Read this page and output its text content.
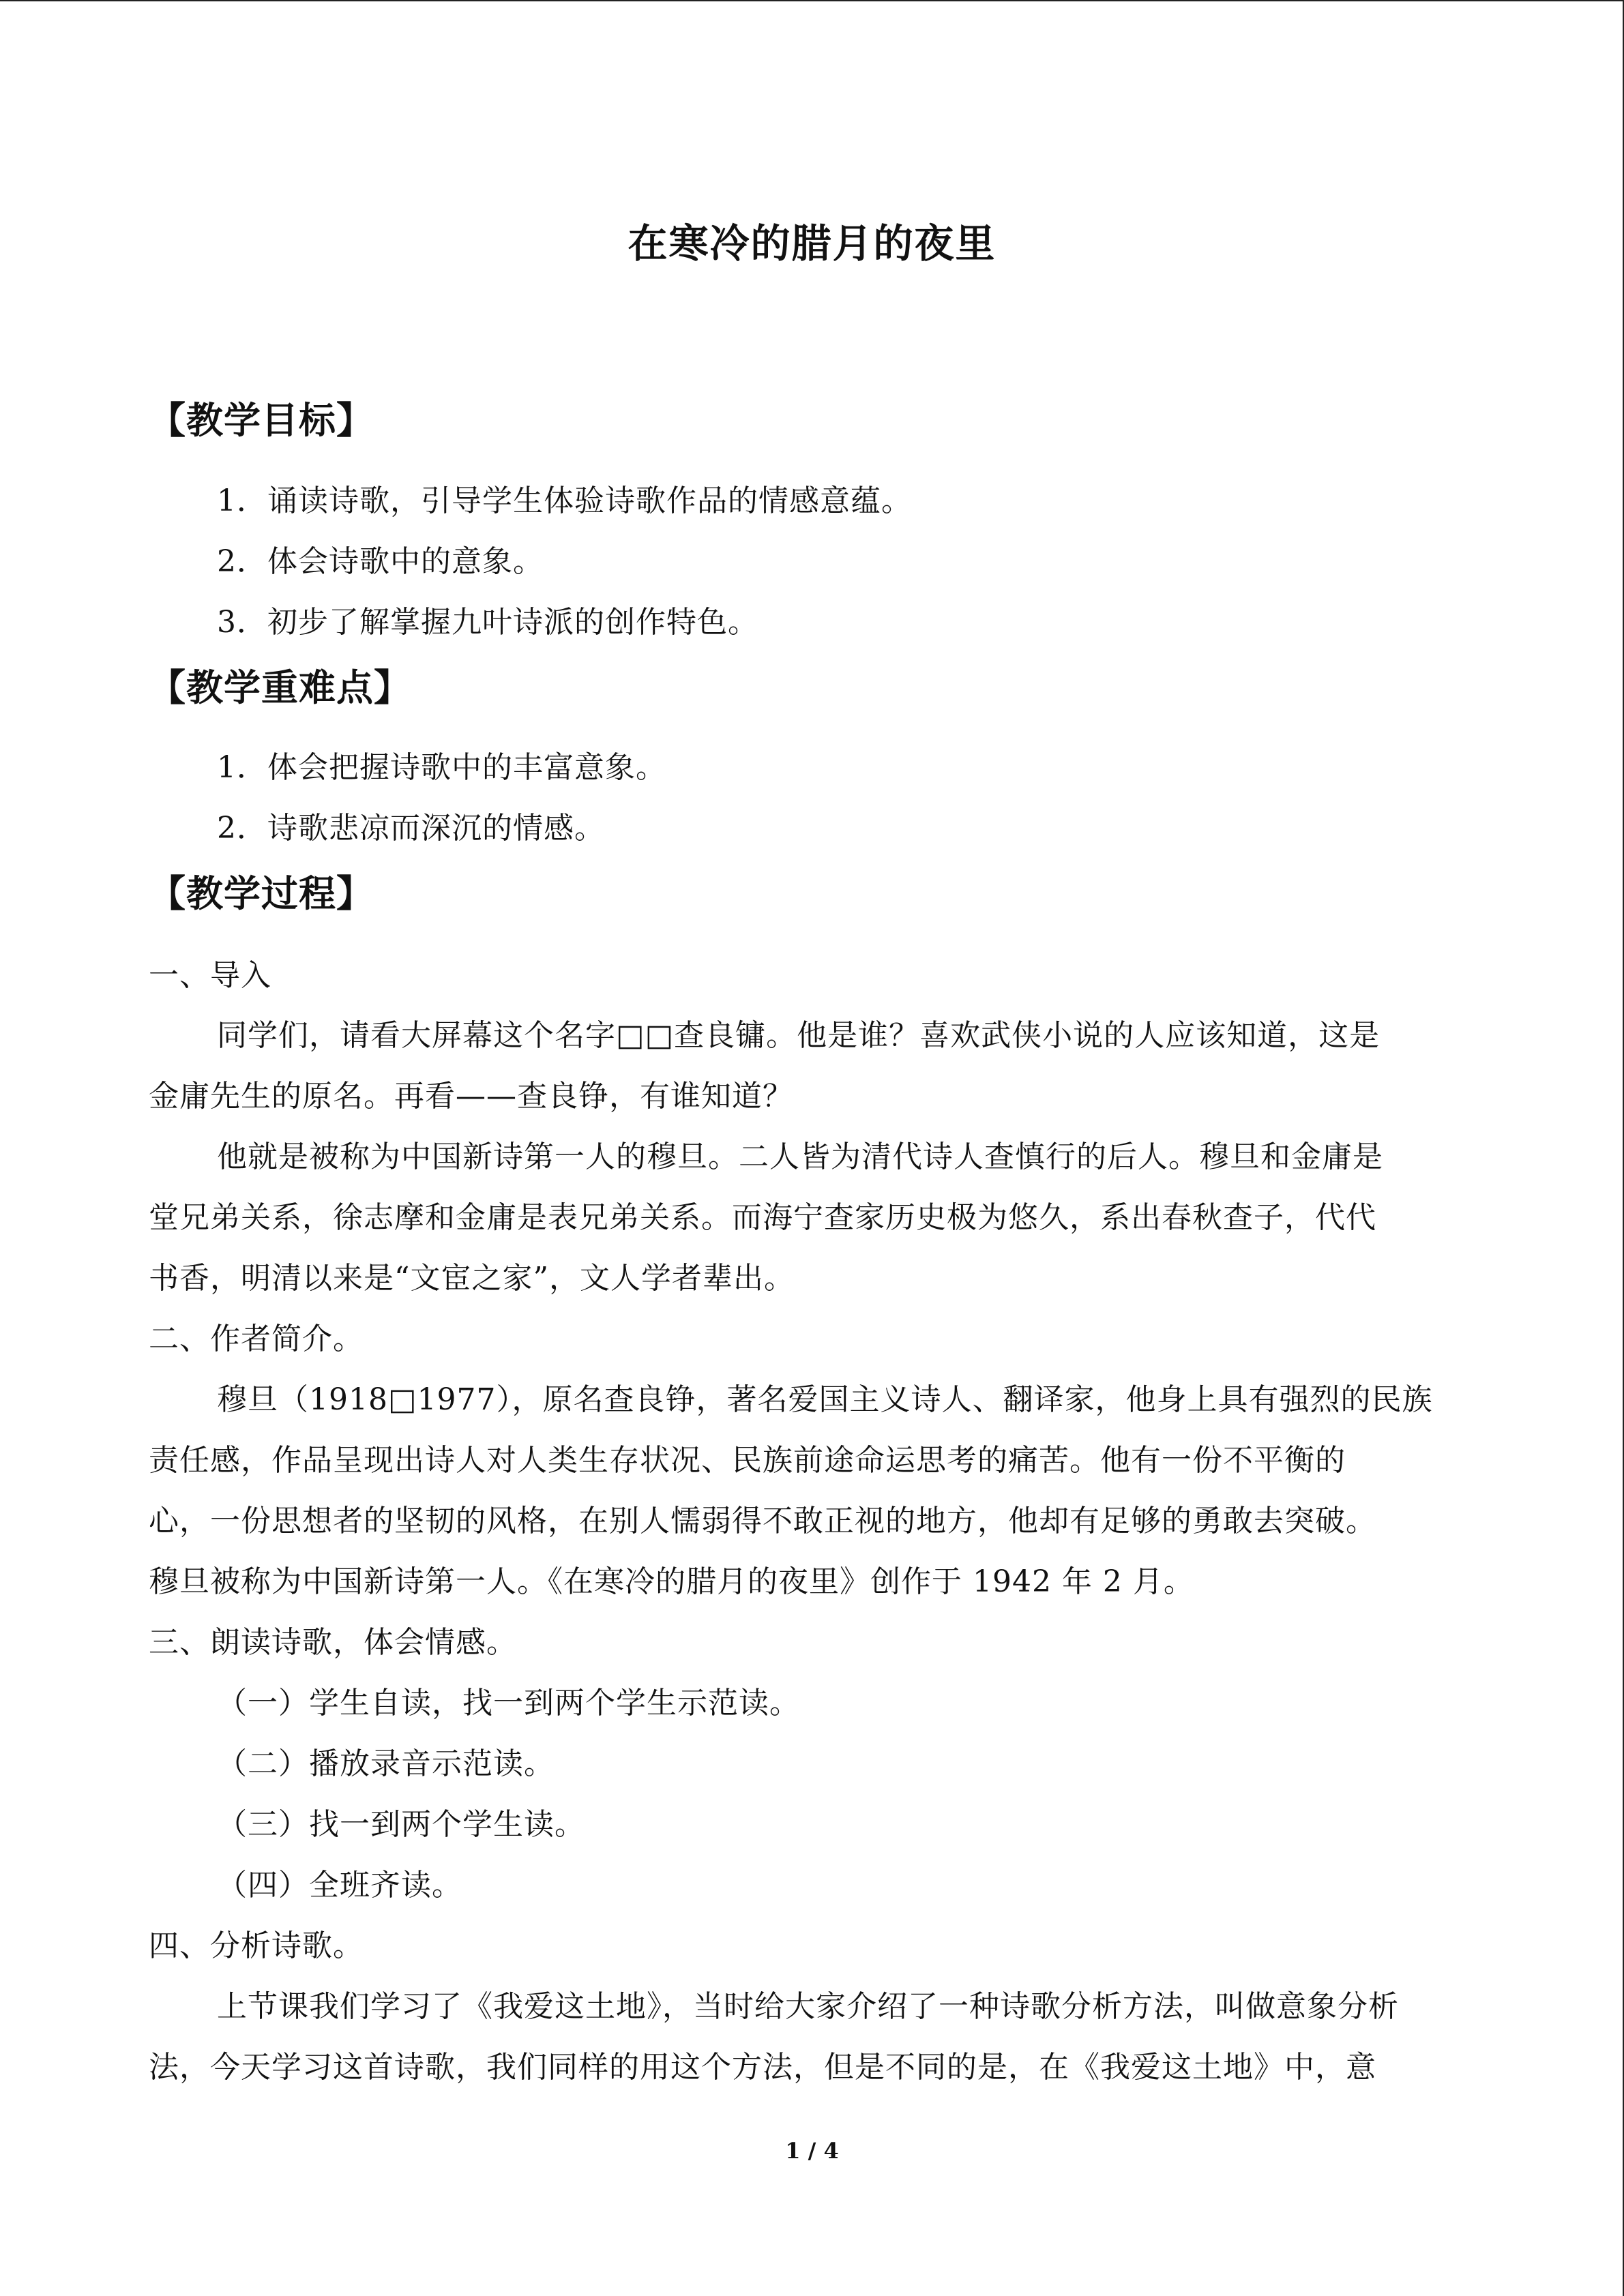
在寒冷的腊月的夜里
【教学目标】
1．诵读诗歌，引导学生体验诗歌作品的情感意蕴。
2．体会诗歌中的意象。
3．初步了解掌握九叶诗派的创作特色。
【教学重难点】
1．体会把握诗歌中的丰富意象。
2．诗歌悲凉而深沉的情感。
【教学过程】
一、导入
同学们，请看大屏幕这个名字□□查良镛。他是谁？喜欢武侠小说的人应该知道，这是
金庸先生的原名。再看——查良铮，有谁知道？
他就是被称为中国新诗第一人的穆旦。二人皆为清代诗人查慎行的后人。穆旦和金庸是
堂兄弟关系，徐志摩和金庸是表兄弟关系。而海宁查家历史极为悠久，系出春秋查子，代代
书香，明清以来是“文宦之家”，文人学者辈出。
二、作者简介。
穆旦（1918□1977），原名查良铮，著名爱国主义诗人、翻译家，他身上具有强烈的民族
责任感，作品呈现出诗人对人类生存状况、民族前途命运思考的痛苦。他有一份不平衡的
心，一份思想者的坚韧的风格，在别人懦弱得不敢正视的地方，他却有足够的勇敢去突破。
穆旦被称为中国新诗第一人。《在寒冷的腊月的夜里》创作于 1942 年 2 月。
三、朗读诗歌，体会情感。
（一）学生自读，找一到两个学生示范读。
（二）播放录音示范读。
（三）找一到两个学生读。
（四）全班齐读。
四、分析诗歌。
上节课我们学习了《我爱这土地》，当时给大家介绍了一种诗歌分析方法，叫做意象分析
法，今天学习这首诗歌，我们同样的用这个方法，但是不同的是，在《我爱这土地》中，意
1 / 4
